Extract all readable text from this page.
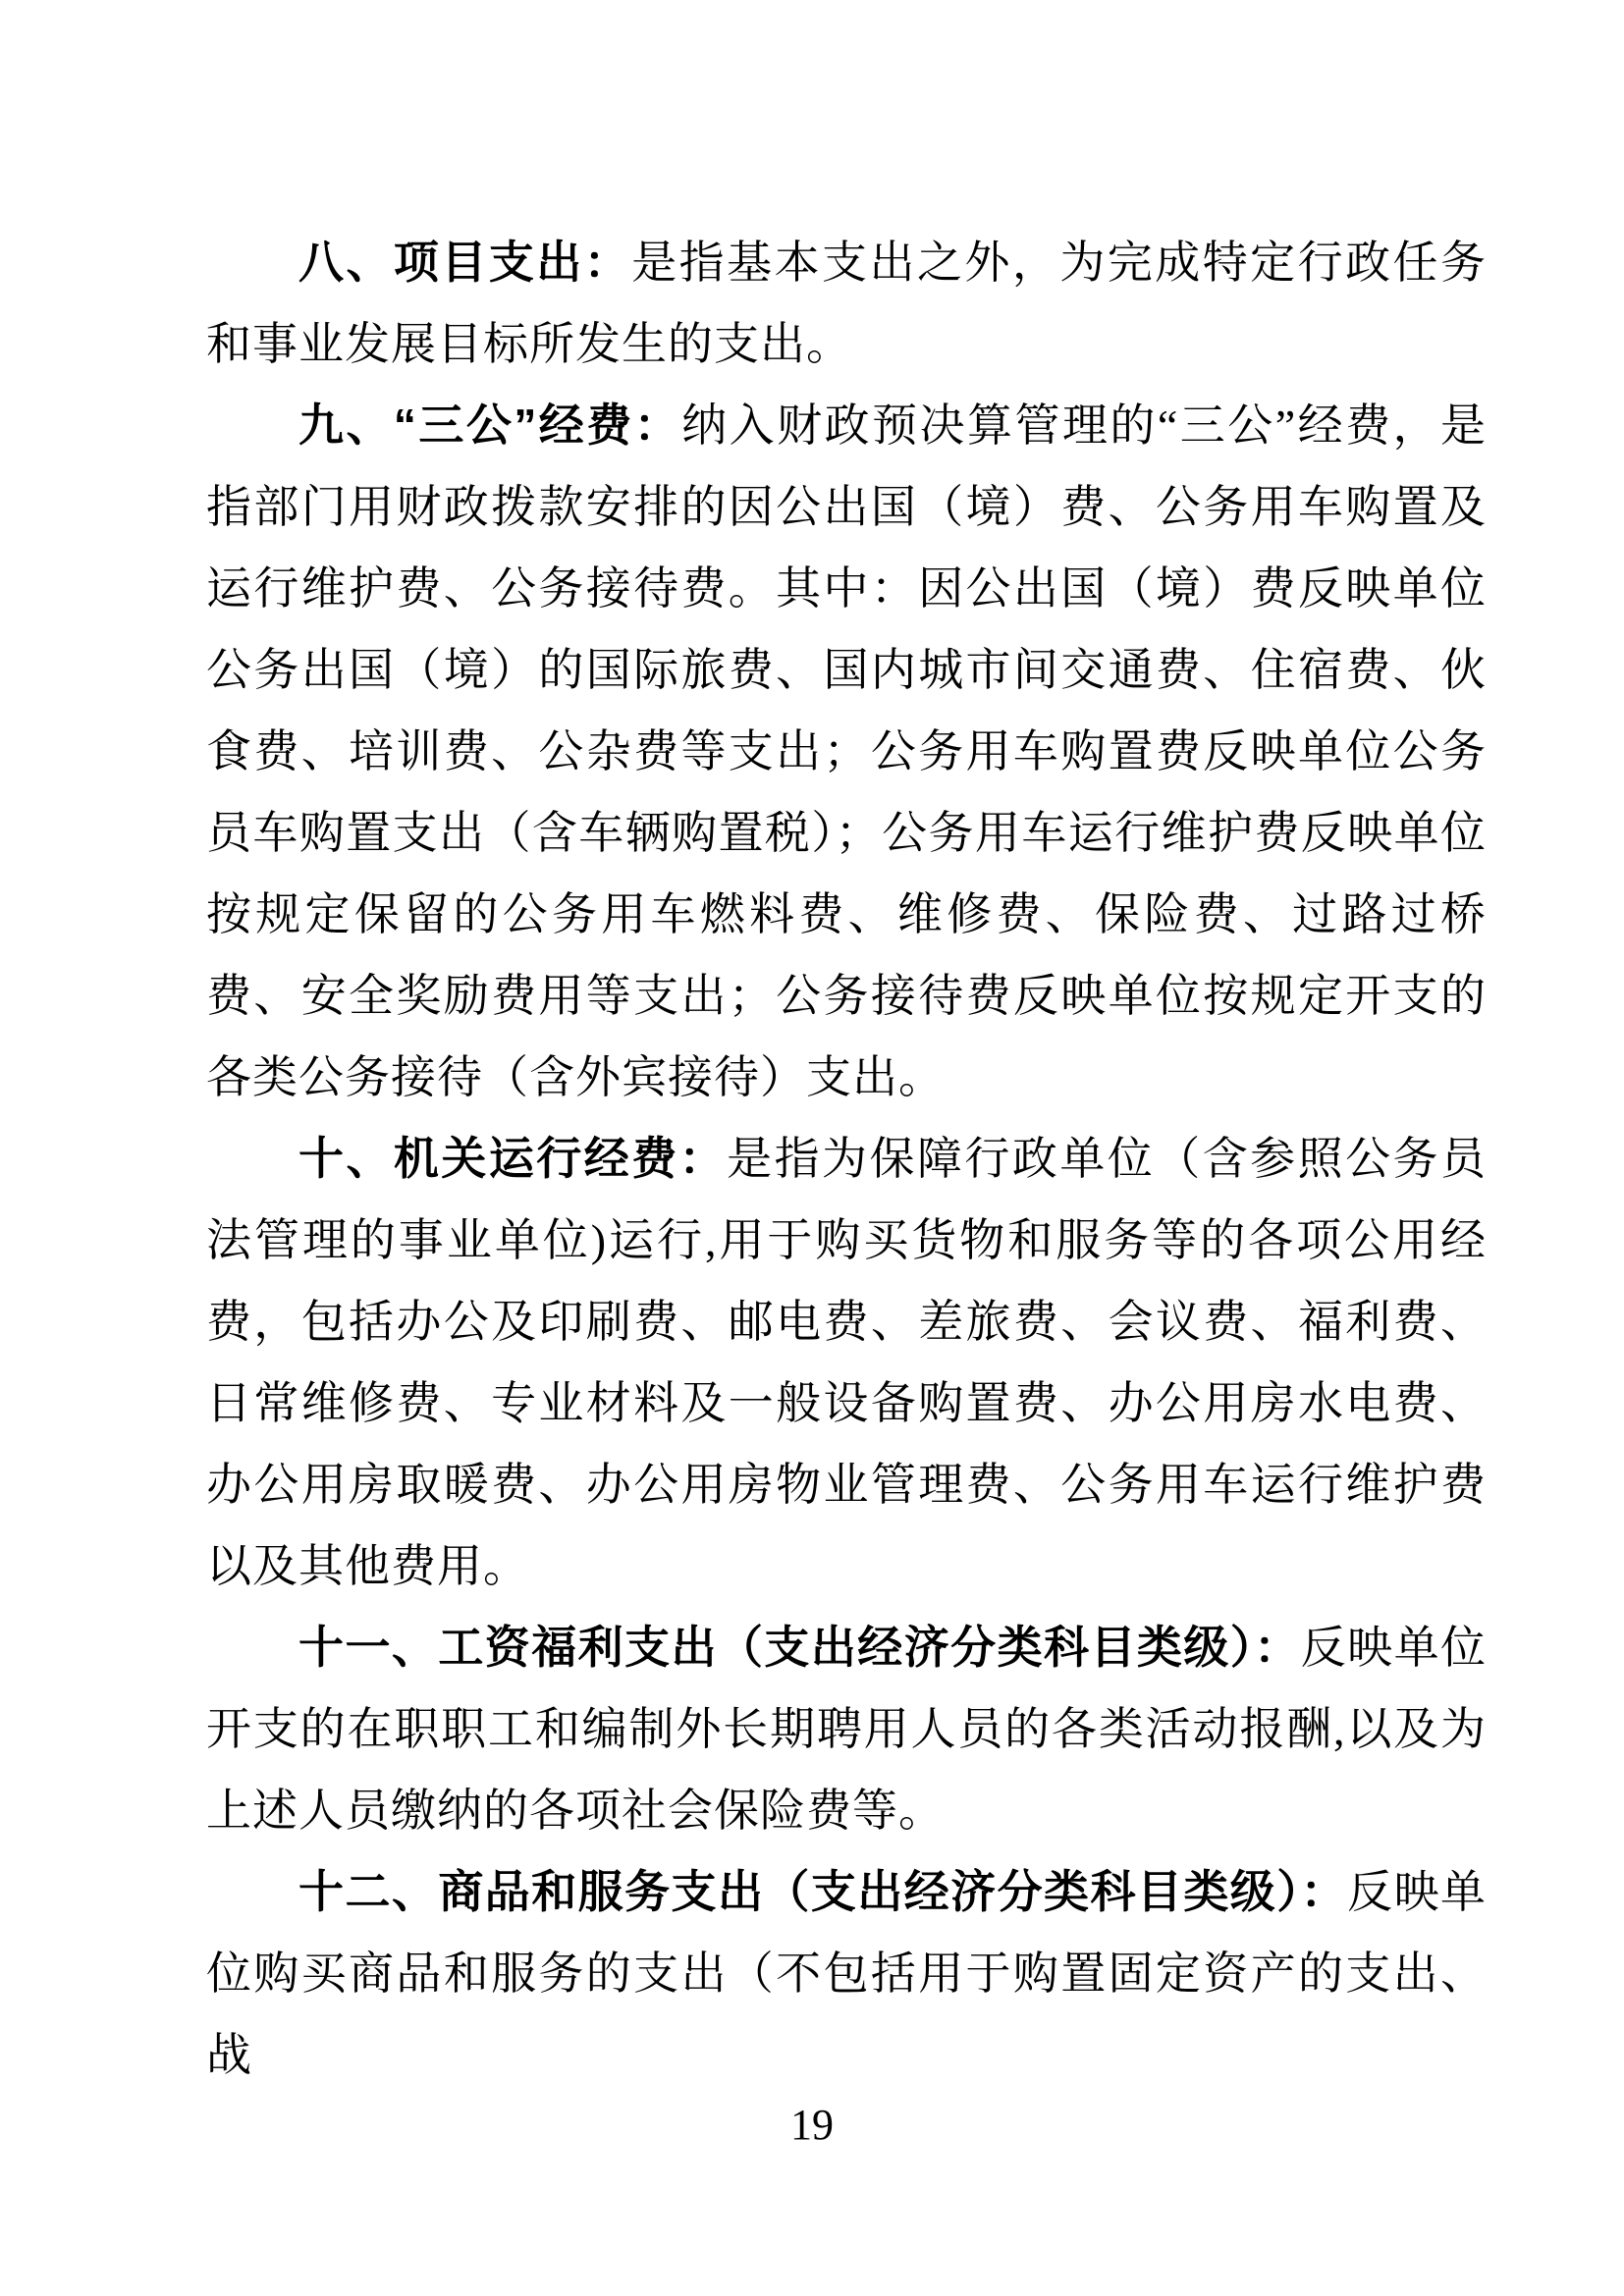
八、项目支出：是指基本支出之外，为完成特定行政任务和事业发展目标所发生的支出。

九、“三公”经费：纳入财政预决算管理的“三公”经费，是指部门用财政拨款安排的因公出国（境）费、公务用车购置及运行维护费、公务接待费。其中：因公出国（境）费反映单位公务出国（境）的国际旅费、国内城市间交通费、住宿费、伙食费、培训费、公杂费等支出；公务用车购置费反映单位公务员车购置支出（含车辆购置税）；公务用车运行维护费反映单位按规定保留的公务用车燃料费、维修费、保险费、过路过桥费、安全奖励费用等支出；公务接待费反映单位按规定开支的各类公务接待（含外宾接待）支出。

十、机关运行经费：是指为保障行政单位（含参照公务员法管理的事业单位)运行,用于购买货物和服务等的各项公用经费，包括办公及印刷费、邮电费、差旅费、会议费、福利费、日常维修费、专业材料及一般设备购置费、办公用房水电费、办公用房取暖费、办公用房物业管理费、公务用车运行维护费以及其他费用。

十一、工资福利支出（支出经济分类科目类级）：反映单位开支的在职职工和编制外长期聘用人员的各类活动报酬,以及为上述人员缴纳的各项社会保险费等。

十二、商品和服务支出（支出经济分类科目类级）：反映单位购买商品和服务的支出（不包括用于购置固定资产的支出、战

19
